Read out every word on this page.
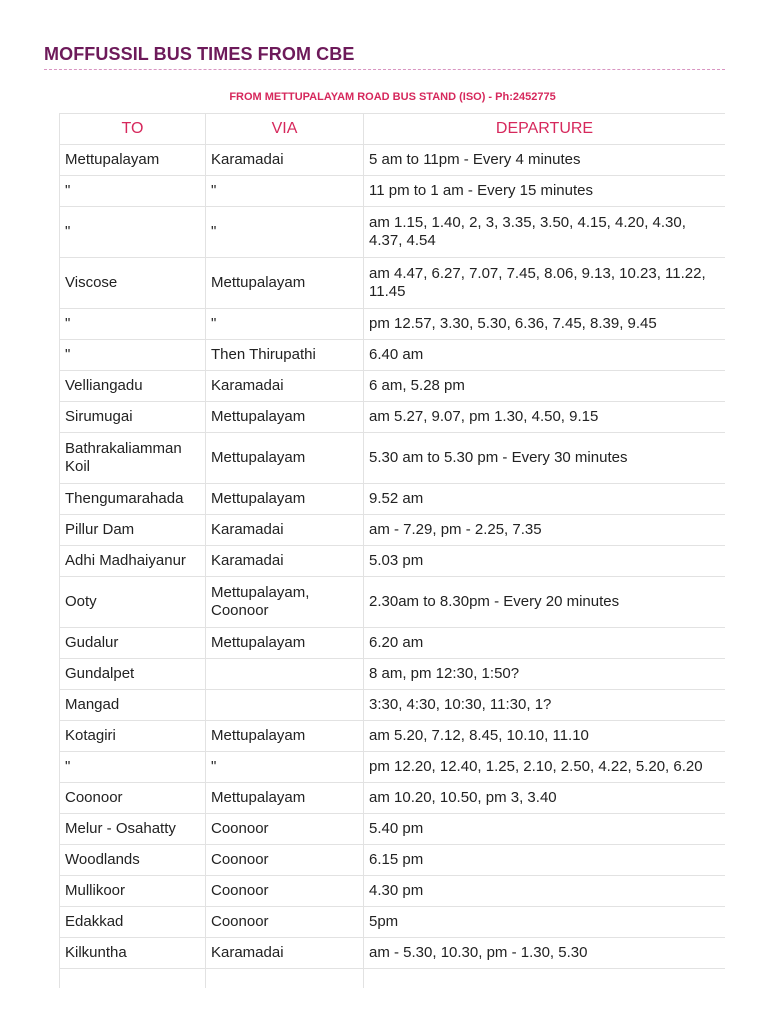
MOFFUSSIL BUS TIMES FROM CBE
FROM METTUPALAYAM ROAD BUS STAND (ISO) - Ph:2452775
TO	VIA	DEPARTURE
Mettupalayam	Karamadai	5 am to 11pm - Every 4 minutes
"	"	11 pm to 1 am - Every 15 minutes
"	"	am 1.15, 1.40, 2, 3, 3.35, 3.50, 4.15, 4.20, 4.30, 4.37, 4.54
Viscose	Mettupalayam	am 4.47, 6.27, 7.07, 7.45, 8.06, 9.13, 10.23, 11.22, 11.45
"	"	pm 12.57, 3.30, 5.30, 6.36, 7.45, 8.39, 9.45
"	Then Thirupathi	6.40 am
Velliangadu	Karamadai	6 am, 5.28 pm
Sirumugai	Mettupalayam	am 5.27, 9.07, pm 1.30, 4.50, 9.15
Bathrakaliamman Koil	Mettupalayam	5.30 am to 5.30 pm - Every 30 minutes
Thengumarahada	Mettupalayam	9.52 am
Pillur Dam	Karamadai	am - 7.29, pm - 2.25, 7.35
Adhi Madhaiyanur	Karamadai	5.03 pm
Ooty	Mettupalayam, Coonoor	2.30am to 8.30pm - Every 20 minutes
Gudalur	Mettupalayam	6.20 am
Gundalpet		8 am, pm 12:30, 1:50?
Mangad		3:30, 4:30, 10:30, 11:30, 1?
Kotagiri	Mettupalayam	am 5.20, 7.12, 8.45, 10.10, 11.10
"	"	pm 12.20, 12.40, 1.25, 2.10, 2.50, 4.22, 5.20, 6.20
Coonoor	Mettupalayam	am 10.20, 10.50, pm 3, 3.40
Melur - Osahatty	Coonoor	5.40 pm
Woodlands	Coonoor	6.15 pm
Mullikoor	Coonoor	4.30 pm
Edakkad	Coonoor	5pm
Kilkuntha	Karamadai	am - 5.30, 10.30, pm - 1.30, 5.30
